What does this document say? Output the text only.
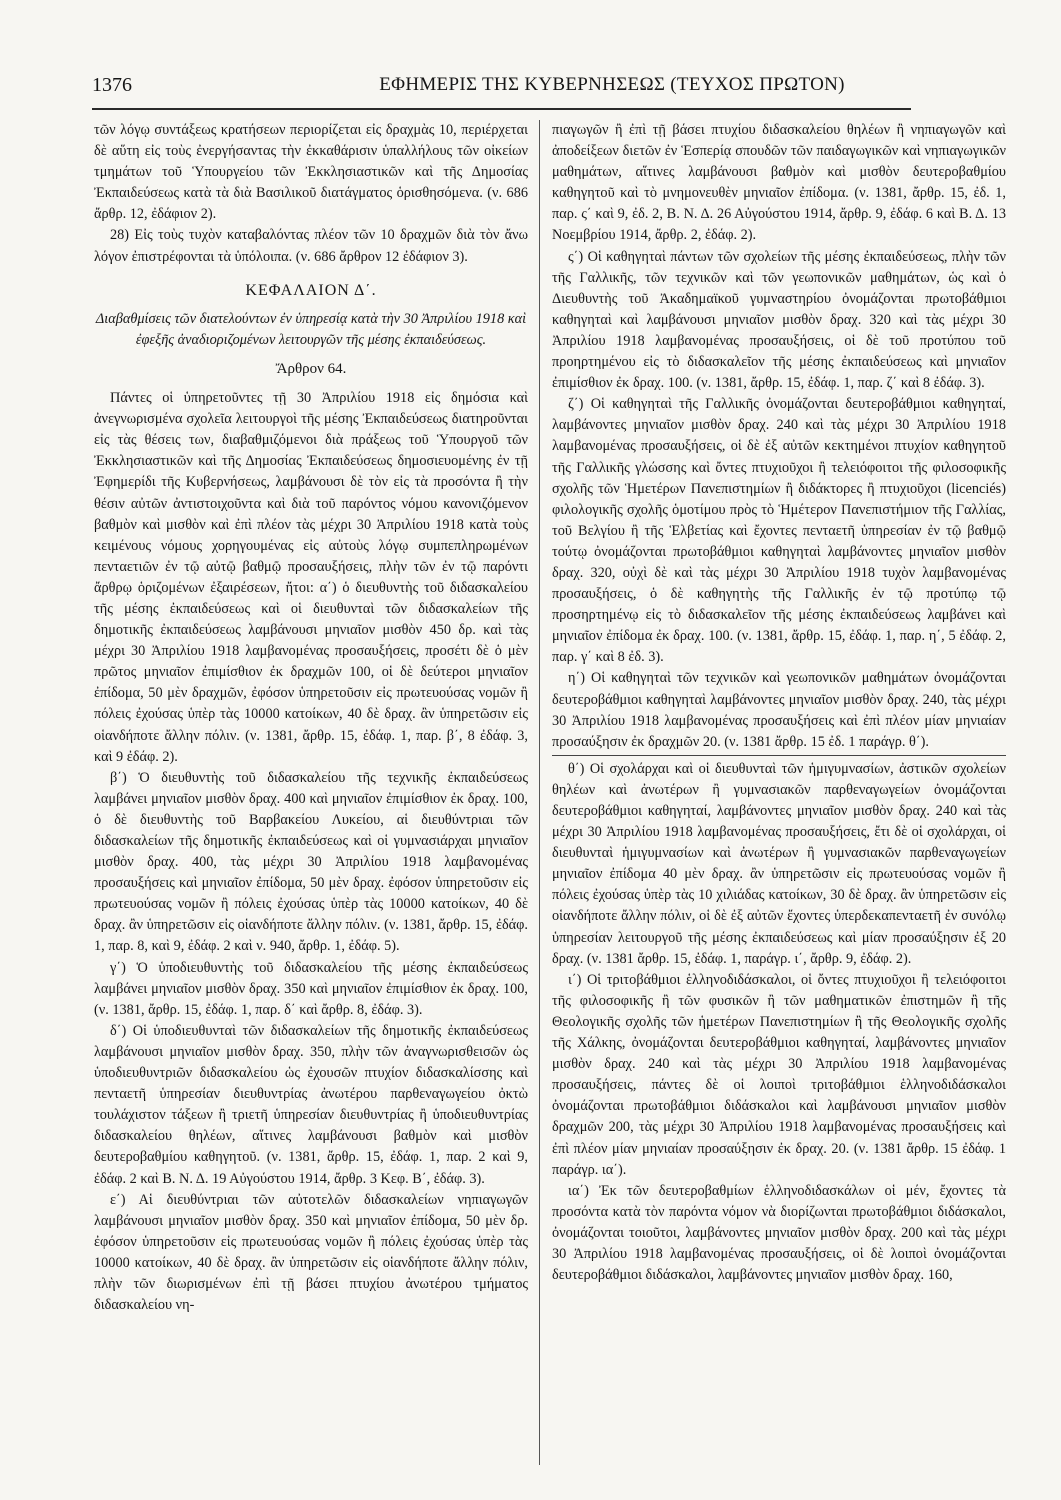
1376	ΕΦΗΜΕΡΙΣ ΤΗΣ ΚΥΒΕΡΝΗΣΕΩΣ (ΤΕΥΧΟΣ ΠΡΩΤΟΝ)

τῶν λόγῳ συντάξεως κρατήσεων περιορίζεται εἰς δραχμὰς 10, περιέρχεται δὲ αὕτη εἰς τοὺς ἐνεργήσαντας τὴν ἐκκαθάρισιν ὑπαλλήλους τῶν οἰκείων τμημάτων τοῦ Ὑπουργείου τῶν Ἐκκλησιαστικῶν καὶ τῆς Δημοσίας Ἐκπαιδεύσεως κατὰ τὰ διὰ Βασιλικοῦ διατάγματος ὁρισθησόμενα. (ν. 686 ἄρθρ. 12, ἐδάφιον 2).

28) Εἰς τοὺς τυχὸν καταβαλόντας πλέον τῶν 10 δραχμῶν διὰ τὸν ἄνω λόγον ἐπιστρέφονται τὰ ὑπόλοιπα. (ν. 686 ἄρθρον 12 ἐδάφιον 3).

ΚΕΦΑΛΑΙΟΝ Δ΄.

Διαβαθμίσεις τῶν διατελούντων ἐν ὑπηρεσίᾳ κατὰ τὴν 30 Ἀπριλίου 1918 καὶ ἐφεξῆς ἀναδιοριζομένων λειτουργῶν τῆς μέσης ἐκπαιδεύσεως.

Ἄρθρον 64.

Πάντες οἱ ὑπηρετοῦντες τῇ 30 Ἀπριλίου 1918 εἰς δημόσια καὶ ἀνεγνωρισμένα σχολεῖα λειτουργοὶ τῆς μέσης Ἐκπαιδεύσεως διατηροῦνται εἰς τὰς θέσεις των, διαβαθμιζόμενοι διὰ πράξεως τοῦ Ὑπουργοῦ τῶν Ἐκκλησιαστικῶν καὶ τῆς Δημοσίας Ἐκπαιδεύσεως δημοσιευομένης ἐν τῇ Ἐφημερίδι τῆς Κυβερνήσεως, λαμβάνουσι δὲ τὸν εἰς τὰ προσόντα ἢ τὴν θέσιν αὐτῶν ἀντιστοιχοῦντα καὶ διὰ τοῦ παρόντος νόμου κανονιζόμενον βαθμὸν καὶ μισθὸν καὶ ἐπὶ πλέον τὰς μέχρι 30 Ἀπριλίου 1918 κατὰ τοὺς κειμένους νόμους χορηγουμένας εἰς αὐτοὺς λόγῳ συμπεπληρωμένων πενταετιῶν ἐν τῷ αὐτῷ βαθμῷ προσαυξήσεις, πλὴν τῶν ἐν τῷ παρόντι ἄρθρῳ ὁριζομένων ἐξαιρέσεων, ἤτοι: α΄) ὁ διευθυντὴς τοῦ διδασκαλείου τῆς μέσης ἐκπαιδεύσεως καὶ οἱ διευθυνταὶ τῶν διδασκαλείων τῆς δημοτικῆς ἐκπαιδεύσεως λαμβάνουσι μηνιαῖον μισθὸν 450 δρ. καὶ τὰς μέχρι 30 Ἀπριλίου 1918 λαμβανομένας προσαυξήσεις, προσέτι δὲ ὁ μὲν πρῶτος μηνιαῖον ἐπιμίσθιον ἐκ δραχμῶν 100, οἱ δὲ δεύτεροι μηνιαῖον ἐπίδομα, 50 μὲν δραχμῶν, ἐφόσον ὑπηρετοῦσιν εἰς πρωτευούσας νομῶν ἢ πόλεις ἐχούσας ὑπὲρ τὰς 10000 κατοίκων, 40 δὲ δραχ. ἂν ὑπηρετῶσιν εἰς οἱανδήποτε ἄλλην πόλιν. (ν. 1381, ἄρθρ. 15, ἐδάφ. 1, παρ. β΄, 8 ἐδάφ. 3, καὶ 9 ἐδάφ. 2).

β΄) Ὁ διευθυντὴς τοῦ διδασκαλείου τῆς τεχνικῆς ἐκπαιδεύσεως λαμβάνει μηνιαῖον μισθὸν δραχ. 400 καὶ μηνιαῖον ἐπιμίσθιον ἐκ δραχ. 100, ὁ δὲ διευθυντὴς τοῦ Βαρβακείου Λυκείου, αἱ διευθύντριαι τῶν διδασκαλείων τῆς δημοτικῆς ἐκπαιδεύσεως καὶ οἱ γυμνασιάρχαι μηνιαῖον μισθὸν δραχ. 400, τὰς μέχρι 30 Ἀπριλίου 1918 λαμβανομένας προσαυξήσεις καὶ μηνιαῖον ἐπίδομα, 50 μὲν δραχ. ἐφόσον ὑπηρετοῦσιν εἰς πρωτευούσας νομῶν ἢ πόλεις ἐχούσας ὑπὲρ τὰς 10000 κατοίκων, 40 δὲ δραχ. ἂν ὑπηρετῶσιν εἰς οἱανδήποτε ἄλλην πόλιν. (ν. 1381, ἄρθρ. 15, ἐδάφ. 1, παρ. 8, καὶ 9, ἐδάφ. 2 καὶ ν. 940, ἄρθρ. 1, ἐδάφ. 5).

γ΄) Ὁ ὑποδιευθυντὴς τοῦ διδασκαλείου τῆς μέσης ἐκπαιδεύσεως λαμβάνει μηνιαῖον μισθὸν δραχ. 350 καὶ μηνιαῖον ἐπιμίσθιον ἐκ δραχ. 100, (ν. 1381, ἄρθρ. 15, ἐδάφ. 1, παρ. δ΄ καὶ ἄρθρ. 8, ἐδάφ. 3).

δ΄) Οἱ ὑποδιευθυνταὶ τῶν διδασκαλείων τῆς δημοτικῆς ἐκπαιδεύσεως λαμβάνουσι μηνιαῖον μισθὸν δραχ. 350, πλὴν τῶν ἀναγνωρισθεισῶν ὡς ὑποδιευθυντριῶν διδασκαλείου ὡς ἐχουσῶν πτυχίον διδασκαλίσσης καὶ πενταετῆ ὑπηρεσίαν διευθυντρίας ἀνωτέρου παρθεναγωγείου ὀκτὼ τουλάχιστον τάξεων ἢ τριετῆ ὑπηρεσίαν διευθυντρίας ἢ ὑποδιευθυντρίας διδασκαλείου θηλέων, αἵτινες λαμβάνουσι βαθμὸν καὶ μισθὸν δευτεροβαθμίου καθηγητοῦ. (ν. 1381, ἄρθρ. 15, ἐδάφ. 1, παρ. 2 καὶ 9, ἐδάφ. 2 καὶ Β. Ν. Δ. 19 Αὐγούστου 1914, ἄρθρ. 3 Κεφ. Β΄, ἐδάφ. 3).

ε΄) Αἱ διευθύντριαι τῶν αὐτοτελῶν διδασκαλείων νηπιαγωγῶν λαμβάνουσι μηνιαῖον μισθὸν δραχ. 350 καὶ μηνιαῖον ἐπίδομα, 50 μὲν δρ. ἐφόσον ὑπηρετοῦσιν εἰς πρωτευούσας νομῶν ἢ πόλεις ἐχούσας ὑπὲρ τὰς 10000 κατοίκων, 40 δὲ δραχ. ἂν ὑπηρετῶσιν εἰς οἱανδήποτε ἄλλην πόλιν, πλὴν τῶν διωρισμένων ἐπὶ τῇ βάσει πτυχίου ἀνωτέρου τμήματος διδασκαλείου νη-

πιαγωγῶν ἢ ἐπὶ τῇ βάσει πτυχίου διδασκαλείου θηλέων ἢ νηπιαγωγῶν καὶ ἀποδείξεων διετῶν ἐν Ἑσπερίᾳ σπουδῶν τῶν παιδαγωγικῶν καὶ νηπιαγωγικῶν μαθημάτων, αἵτινες λαμβάνουσι βαθμὸν καὶ μισθὸν δευτεροβαθμίου καθηγητοῦ καὶ τὸ μνημονευθὲν μηνιαῖον ἐπίδομα. (ν. 1381, ἄρθρ. 15, ἐδ. 1, παρ. ς΄ καὶ 9, ἐδ. 2, Β. Ν. Δ. 26 Αὐγούστου 1914, ἄρθρ. 9, ἐδάφ. 6 καὶ Β. Δ. 13 Νοεμβρίου 1914, ἄρθρ. 2, ἐδάφ. 2).

ς΄) Οἱ καθηγηταὶ πάντων τῶν σχολείων τῆς μέσης ἐκπαιδεύσεως, πλὴν τῶν τῆς Γαλλικῆς, τῶν τεχνικῶν καὶ τῶν γεωπονικῶν μαθημάτων, ὡς καὶ ὁ Διευθυντὴς τοῦ Ἀκαδημαϊκοῦ γυμναστηρίου ὀνομάζονται πρωτοβάθμιοι καθηγηταὶ καὶ λαμβάνουσι μηνιαῖον μισθὸν δραχ. 320 καὶ τὰς μέχρι 30 Ἀπριλίου 1918 λαμβανομένας προσαυξήσεις, οἱ δὲ τοῦ προτύπου τοῦ προηρτημένου εἰς τὸ διδασκαλεῖον τῆς μέσης ἐκπαιδεύσεως καὶ μηνιαῖον ἐπιμίσθιον ἐκ δραχ. 100. (ν. 1381, ἄρθρ. 15, ἐδάφ. 1, παρ. ζ΄ καὶ 8 ἐδάφ. 3).

ζ΄) Οἱ καθηγηταὶ τῆς Γαλλικῆς ὀνομάζονται δευτεροβάθμιοι καθηγηταί, λαμβάνοντες μηνιαῖον μισθὸν δραχ. 240 καὶ τὰς μέχρι 30 Ἀπριλίου 1918 λαμβανομένας προσαυξήσεις, οἱ δὲ ἐξ αὐτῶν κεκτημένοι πτυχίον καθηγητοῦ τῆς Γαλλικῆς γλώσσης καὶ ὄντες πτυχιοῦχοι ἢ τελειόφοιτοι τῆς φιλοσοφικῆς σχολῆς τῶν Ἡμετέρων Πανεπιστημίων ἢ διδάκτορες ἢ πτυχιοῦχοι (licenciés) φιλολογικῆς σχολῆς ὁμοτίμου πρὸς τὸ Ἡμέτερον Πανεπιστήμιον τῆς Γαλλίας, τοῦ Βελγίου ἢ τῆς Ἑλβετίας καὶ ἔχοντες πενταετῆ ὑπηρεσίαν ἐν τῷ βαθμῷ τούτῳ ὀνομάζονται πρωτοβάθμιοι καθηγηταὶ λαμβάνοντες μηνιαῖον μισθὸν δραχ. 320, οὐχὶ δὲ καὶ τὰς μέχρι 30 Ἀπριλίου 1918 τυχὸν λαμβανομένας προσαυξήσεις, ὁ δὲ καθηγητὴς τῆς Γαλλικῆς ἐν τῷ προτύπῳ τῷ προσηρτημένῳ εἰς τὸ διδασκαλεῖον τῆς μέσης ἐκπαιδεύσεως λαμβάνει καὶ μηνιαῖον ἐπίδομα ἐκ δραχ. 100. (ν. 1381, ἄρθρ. 15, ἐδάφ. 1, παρ. η΄, 5 ἐδάφ. 2, παρ. γ΄ καὶ 8 ἐδ. 3).

η΄) Οἱ καθηγηταὶ τῶν τεχνικῶν καὶ γεωπονικῶν μαθημάτων ὀνομάζονται δευτεροβάθμιοι καθηγηταὶ λαμβάνοντες μηνιαῖον μισθὸν δραχ. 240, τὰς μέχρι 30 Ἀπριλίου 1918 λαμβανομένας προσαυξήσεις καὶ ἐπὶ πλέον μίαν μηνιαίαν προσαύξησιν ἐκ δραχμῶν 20. (ν. 1381 ἄρθρ. 15 ἐδ. 1 παράγρ. θ΄).

θ΄) Οἱ σχολάρχαι καὶ οἱ διευθυνταὶ τῶν ἡμιγυμνασίων, ἀστικῶν σχολείων θηλέων καὶ ἀνωτέρων ἢ γυμνασιακῶν παρθεναγωγείων ὀνομάζονται δευτεροβάθμιοι καθηγηταί, λαμβάνοντες μηνιαῖον μισθὸν δραχ. 240 καὶ τὰς μέχρι 30 Ἀπριλίου 1918 λαμβανομένας προσαυξήσεις, ἔτι δὲ οἱ σχολάρχαι, οἱ διευθυνταὶ ἡμιγυμνασίων καὶ ἀνωτέρων ἢ γυμνασιακῶν παρθεναγωγείων μηνιαῖον ἐπίδομα 40 μὲν δραχ. ἂν ὑπηρετῶσιν εἰς πρωτευούσας νομῶν ἢ πόλεις ἐχούσας ὑπὲρ τὰς 10 χιλιάδας κατοίκων, 30 δὲ δραχ. ἂν ὑπηρετῶσιν εἰς οἱανδήποτε ἄλλην πόλιν, οἱ δὲ ἐξ αὐτῶν ἔχοντες ὑπερδεκαπενταετῆ ἐν συνόλῳ ὑπηρεσίαν λειτουργοῦ τῆς μέσης ἐκπαιδεύσεως καὶ μίαν προσαύξησιν ἐξ 20 δραχ. (ν. 1381 ἄρθρ. 15, ἐδάφ. 1, παράγρ. ι΄, ἄρθρ. 9, ἐδάφ. 2).

ι΄) Οἱ τριτοβάθμιοι ἑλληνοδιδάσκαλοι, οἱ ὄντες πτυχιοῦχοι ἢ τελειόφοιτοι τῆς φιλοσοφικῆς ἢ τῶν φυσικῶν ἢ τῶν μαθηματικῶν ἐπιστημῶν ἢ τῆς Θεολογικῆς σχολῆς τῶν ἡμετέρων Πανεπιστημίων ἢ τῆς Θεολογικῆς σχολῆς τῆς Χάλκης, ὀνομάζονται δευτεροβάθμιοι καθηγηταί, λαμβάνοντες μηνιαῖον μισθὸν δραχ. 240 καὶ τὰς μέχρι 30 Ἀπριλίου 1918 λαμβανομένας προσαυξήσεις, πάντες δὲ οἱ λοιποὶ τριτοβάθμιοι ἑλληνοδιδάσκαλοι ὀνομάζονται πρωτοβάθμιοι διδάσκαλοι καὶ λαμβάνουσι μηνιαῖον μισθὸν δραχμῶν 200, τὰς μέχρι 30 Ἀπριλίου 1918 λαμβανομένας προσαυξήσεις καὶ ἐπὶ πλέον μίαν μηνιαίαν προσαύξησιν ἐκ δραχ. 20. (ν. 1381 ἄρθρ. 15 ἐδάφ. 1 παράγρ. ια΄).

ια΄) Ἐκ τῶν δευτεροβαθμίων ἑλληνοδιδασκάλων οἱ μέν, ἔχοντες τὰ προσόντα κατὰ τὸν παρόντα νόμον νὰ διορίζωνται πρωτοβάθμιοι διδάσκαλοι, ὀνομάζονται τοιοῦτοι, λαμβάνοντες μηνιαῖον μισθὸν δραχ. 200 καὶ τὰς μέχρι 30 Ἀπριλίου 1918 λαμβανομένας προσαυξήσεις, οἱ δὲ λοιποὶ ὀνομάζονται δευτεροβάθμιοι διδάσκαλοι, λαμβάνοντες μηνιαῖον μισθὸν δραχ. 160,
